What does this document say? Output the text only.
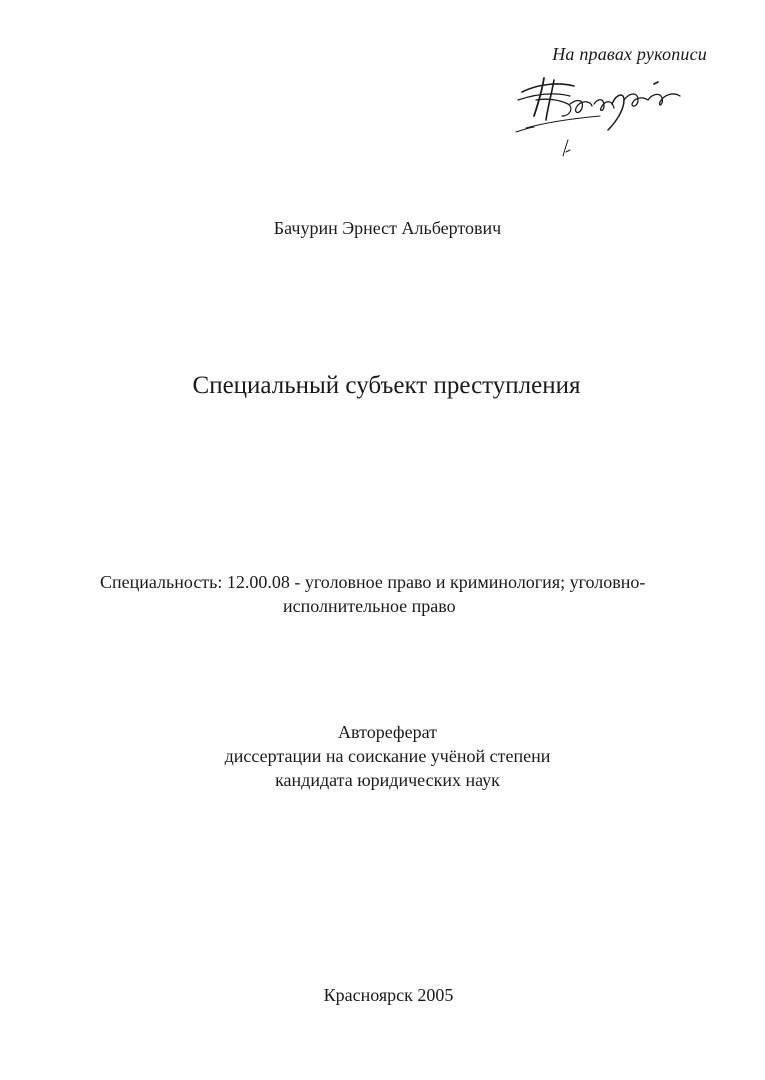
На правах рукописи
Бачурин Эрнест Альбертович
Специальный субъект преступления
Специальность: 12.00.08 - уголовное право и криминология; уголовно-
исполнительное право
Автореферат
диссертации на соискание учёной степени
кандидата юридических наук
Красноярск 2005
